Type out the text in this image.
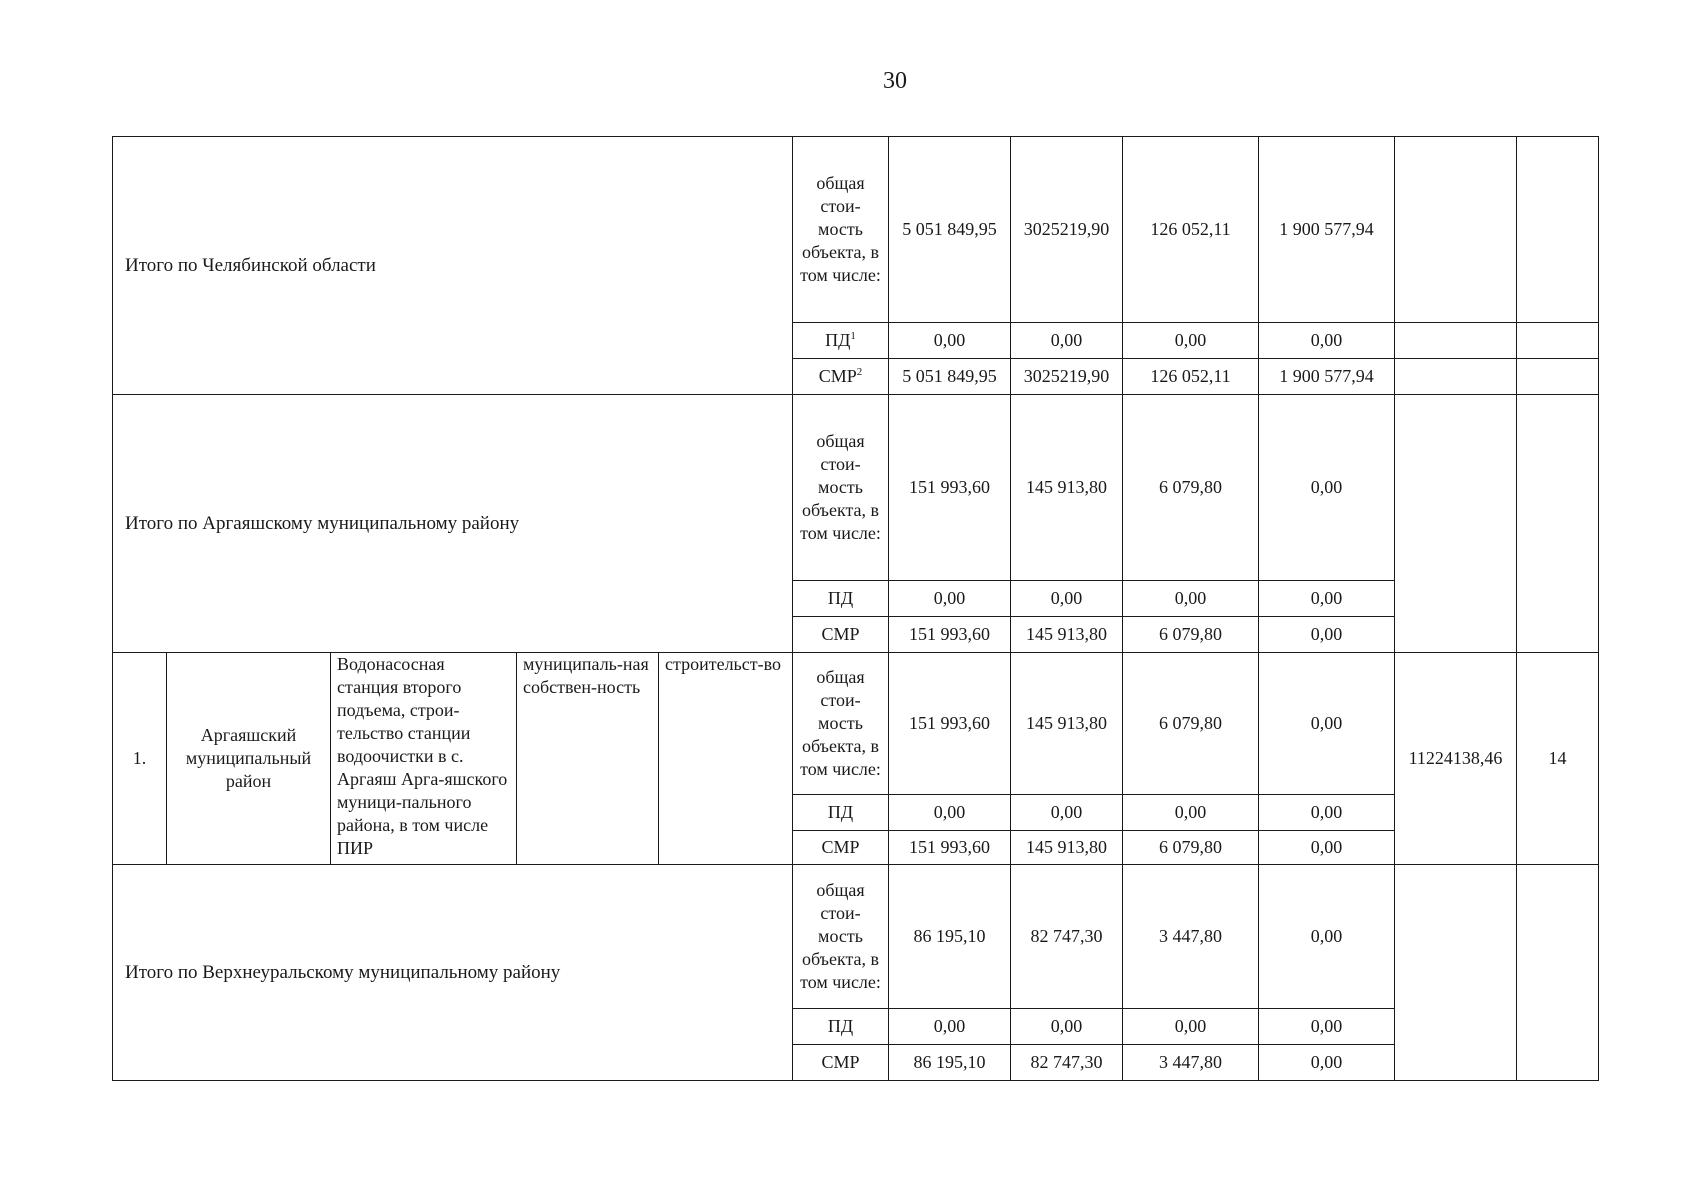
30
Итого по Челябинской области					общая стои-мость объекта, в том числе:	5 051 849,95	3025219,90	126 052,11	1 900 577,94		
					$ПД^1$	0,00	0,00	0,00	0,00		
					СМР$^2$	5 051 849,95	3025219,90	126 052,11	1 900 577,94		
Итого по Аргаяшскому муниципальному району					общая стои-мость объекта, в том числе:	151 993,60	145 913,80	6 079,80	0,00		
					ПД	0,00	0,00	0,00	0,00		
					СМР	151 993,60	145 913,80	6 079,80	0,00		
1.	Аргаяшский муниципальный район	Водонасосная станция второго подъема, строи-тельство станции водоочистки в с. Аргаяш Арга-яшского муници-пального района, в том числе ПИР	муниципаль-ная собствен-ность	строительст-во	общая стои-мость объекта, в том числе:	151 993,60	145 913,80	6 079,80	0,00	11224138,46	14
					ПД	0,00	0,00	0,00	0,00		
					СМР	151 993,60	145 913,80	6 079,80	0,00		
Итого по Верхнеуральскому муниципальному району					общая стои-мость объекта, в том числе:	86 195,10	82 747,30	3 447,80	0,00		
					ПД	0,00	0,00	0,00	0,00		
					СМР	86 195,10	82 747,30	3 447,80	0,00		
